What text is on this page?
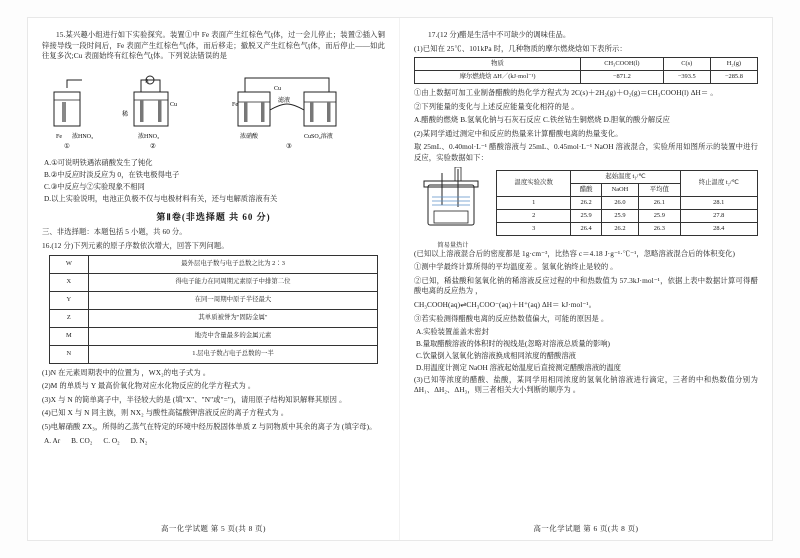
15.某兴趣小组进行如下实验探究。装置①中 Fe 表面产生红棕色气ţ体，过一会儿停止；装置②插入铜锌接导线一段时间后，Fe 表面产生红棕色气ţ体，而后移走；撤脱又产生红棕色气ţ体，而后停止——如此往复多次;Cu 表面始终有红棕色气ţ体。下列说法错误的是

Fe 浓HNO₃
①
A
稀
Cu
浓HNO₃
②
滤液
浓硝酸	CuSO₄溶液
③
Fe
Cu

A.①可说明铁遇浓硝酸发生了钝化

B.②中反应时淡反应为 0，在铁电极得电子

C.③中反应与②实验现象不相同

D.以上实验说明，电池正负极不仅与电极材料有关，还与电解质溶液有关

第Ⅱ卷(非选择题 共 60 分)

三、非选择题：本题包括 5 小题，共 60 分。

16.(12 分)下列元素的原子序数依次增大，回答下列问题。

W	最外层电子数与电子总数之比为 2∶3
X	得电子能力在同周期元素原子中排第二位
Y	在同一周期中原子半径最大
Z	其单质被誉为"固防金属"
M	地壳中含量最多的金属元素
N	1.层电子数占电子总数的一半

(1)N 在元素周期表中的位置为 ，WX₂的电子式为 。

(2)M 的单质与 Y 最高价氧化物对应水化物反应的化学方程式为 。

(3)X 与 N 的简单离子中，半径较大的是 (填"X"、"N"或"=")，请用原子结构知识解释其原因 。

(4)已知 X 与 N 同主族，则 NX₂ 与酸性高锰酸钾溶液反应的离子方程式为 。

(5)电解硝酸 ZX₃，所得的乙蒸气在特定的环境中经历脱固体单质 Z 与同物质中其余的离子为 (填字母)。

A. Ar B. CO₂ C. O₂ D. N₂

高一化学试题 第 5 页(共 8 页)

17.(12 分)醋是生活中不可缺少的调味佳品。

(1)已知在 25℃、101kPa 时，几种物质的摩尔燃烧焓如下表所示：

物质	CH₃COOH(l)	C(s)	H₂(g)
摩尔燃烧焓 ΔH／(kJ·mol⁻¹)	−871.2	−393.5	−285.8

①由上数据可加工业制备醋酸的热化学方程式为 2C(s)＋2H₂(g)＋O₂(g)＝CH₃COOH(l) ΔH＝ 。

②下列能量的变化与上述反应能量变化相符的是 。

A.醋酸的燃烧 B.氢氧化钠与石灰石反应 C.铁丝钴生铜燃烧 D.胆氧的酸分解反应

(2)某同学通过测定中和反应的热量来计算醋酸电离的热量变化。

取 25mL、0.40mol·L⁻¹ 醋酸溶液与 25mL、0.45mol·L⁻¹ NaOH 溶液混合，实验所用如图所示的装置中进行反应，实验数据如下：

简易量热计
温度实验次数	起始温度 t₁/℃			终止温度 t₂/℃
	醋酸	NaOH	平均值	
1	26.2	26.0	26.1	28.1
2	25.9	25.9	25.9	27.8
3	26.4	26.2	26.3	28.4

(已知以上溶液混合后的密度都是 1g·cm⁻³，比热容 c＝4.18 J·g⁻¹·℃⁻¹，忽略溶液混合后的体积变化)

①测中学最终计算所得的平均温度差 。氢氧化钠终止是较的 。

②已知，稀盐酸和氢氧化钠的稀溶液反应过程的中和热数值为 57.3kJ·mol⁻¹，依据上表中数据计算可得醋酸电离的反应热为 ，

CH₃COOH(aq)⇌CH₃COO⁻(aq)＋H⁺(aq) ΔH＝ kJ·mol⁻¹。

③若实验测得醋酸电离的反应热数值偏大，可能的原因是 。

A.实验装置盖盖未密封

B.量取醋酸溶液的体积时的视线是(忽略对溶液总质量的影响)

C.饮量倒入氢氧化钠溶液换成相同浓度的醋酸溶液

D.用温度计测定 NaOH 溶液起始温度后直接测定醋酸溶液的温度

(3)已知等浓度的醋酸、盐酸，某同学用相同浓度的氢氧化钠溶液进行滴定，三者的中和热数值分别为 ΔH₁、ΔH₂、ΔH₃，则三者相关大小判断的顺序为 。

高一化学试题 第 6 页(共 8 页)
